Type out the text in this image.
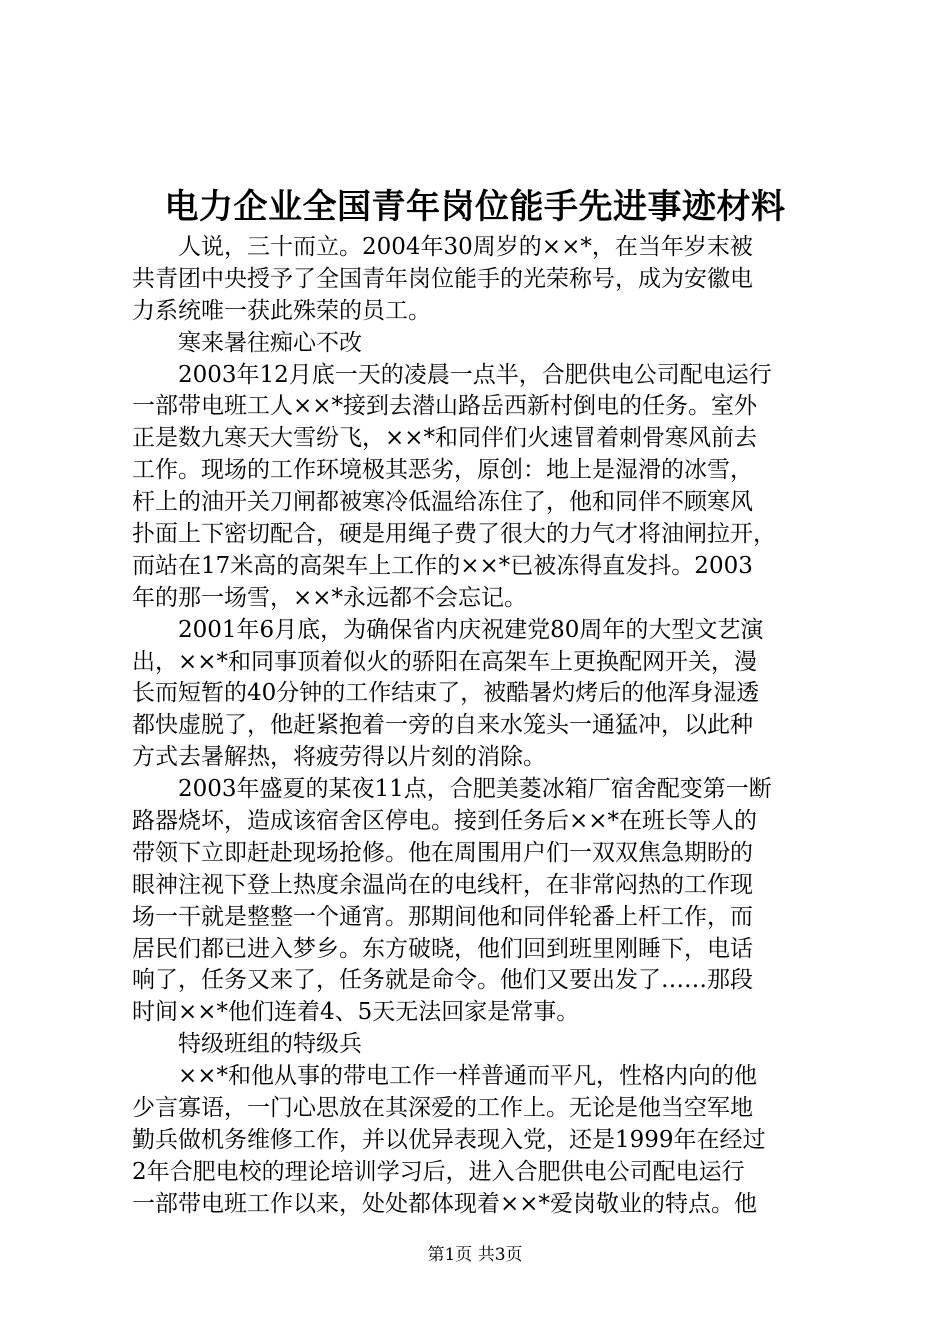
电力企业全国青年岗位能手先进事迹材料
　　人说，三十而立。2004年30周岁的××*，在当年岁末被
共青团中央授予了全国青年岗位能手的光荣称号，成为安徽电
力系统唯一获此殊荣的员工。
　　寒来暑往痴心不改
　　2003年12月底一天的凌晨一点半，合肥供电公司配电运行
一部带电班工人××*接到去潜山路岳西新村倒电的任务。室外
正是数九寒天大雪纷飞，××*和同伴们火速冒着刺骨寒风前去
工作。现场的工作环境极其恶劣，原创：地上是湿滑的冰雪，
杆上的油开关刀闸都被寒冷低温给冻住了，他和同伴不顾寒风
扑面上下密切配合，硬是用绳子费了很大的力气才将油闸拉开，
而站在17米高的高架车上工作的××*已被冻得直发抖。2003
年的那一场雪，××*永远都不会忘记。
　　2001年6月底，为确保省内庆祝建党80周年的大型文艺演
出，××*和同事顶着似火的骄阳在高架车上更换配网开关，漫
长而短暂的40分钟的工作结束了，被酷暑灼烤后的他浑身湿透
都快虚脱了，他赶紧抱着一旁的自来水笼头一通猛冲，以此种
方式去暑解热，将疲劳得以片刻的消除。
　　2003年盛夏的某夜11点，合肥美菱冰箱厂宿舍配变第一断
路器烧坏，造成该宿舍区停电。接到任务后××*在班长等人的
带领下立即赶赴现场抢修。他在周围用户们一双双焦急期盼的
眼神注视下登上热度余温尚在的电线杆，在非常闷热的工作现
场一干就是整整一个通宵。那期间他和同伴轮番上杆工作，而
居民们都已进入梦乡。东方破晓，他们回到班里刚睡下，电话
响了，任务又来了，任务就是命令。他们又要出发了……那段
时间××*他们连着4、5天无法回家是常事。
　　特级班组的特级兵
　　××*和他从事的带电工作一样普通而平凡，性格内向的他
少言寡语，一门心思放在其深爱的工作上。无论是他当空军地
勤兵做机务维修工作，并以优异表现入党，还是1999年在经过
2年合肥电校的理论培训学习后，进入合肥供电公司配电运行
一部带电班工作以来，处处都体现着××*爱岗敬业的特点。他
第1页 共3页
